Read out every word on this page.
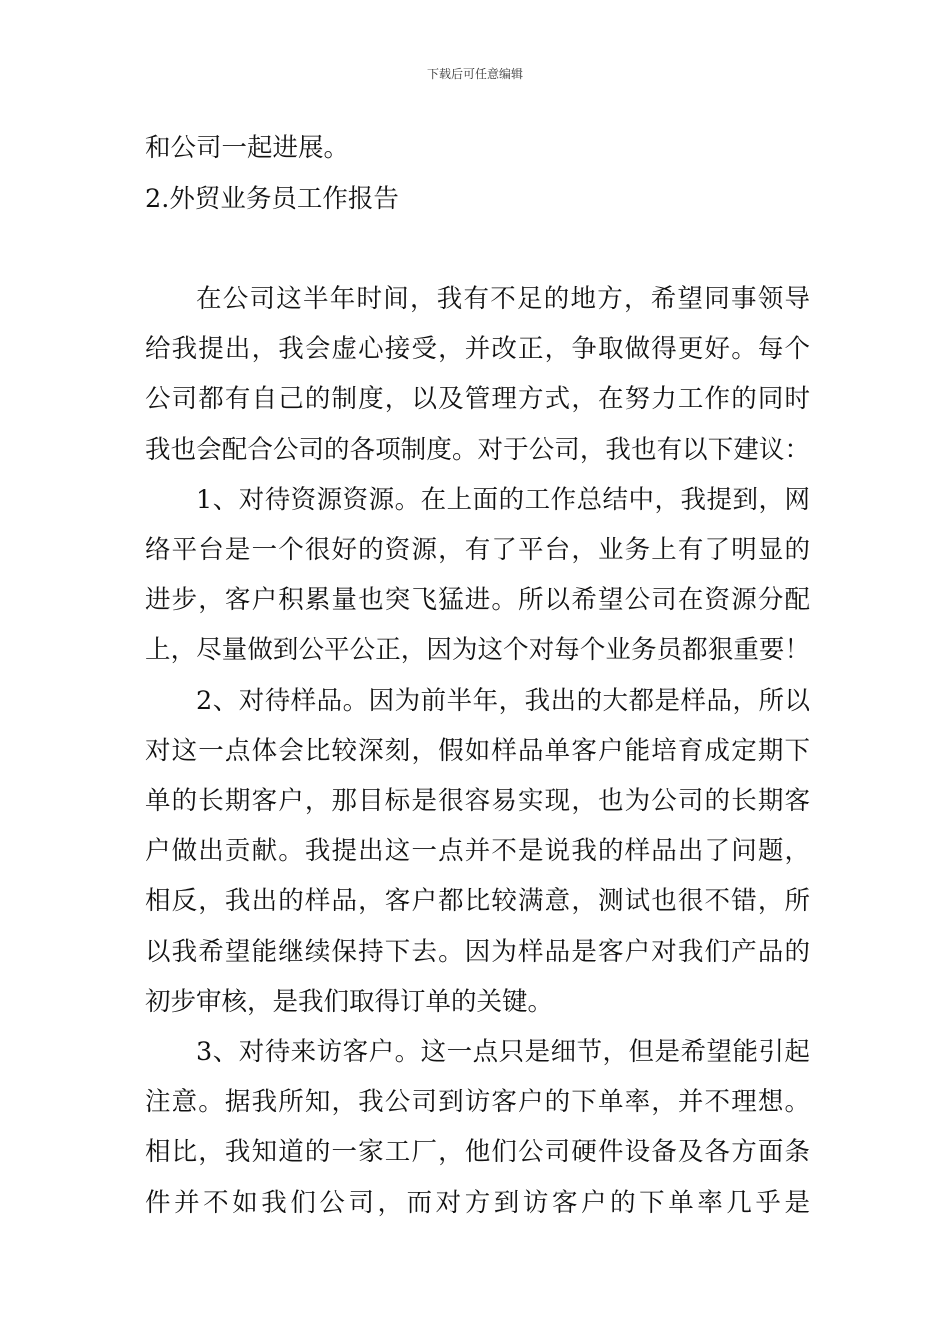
下载后可任意编辑
和公司一起进展。
2.外贸业务员工作报告
在公司这半年时间，我有不足的地方，希望同事领导
给我提出，我会虚心接受，并改正，争取做得更好。每个
公司都有自己的制度，以及管理方式，在努力工作的同时
我也会配合公司的各项制度。对于公司，我也有以下建议：
1、对待资源资源。在上面的工作总结中，我提到，网
络平台是一个很好的资源，有了平台，业务上有了明显的
进步，客户积累量也突飞猛进。所以希望公司在资源分配
上，尽量做到公平公正，因为这个对每个业务员都狠重要！
2、对待样品。因为前半年，我出的大都是样品，所以
对这一点体会比较深刻，假如样品单客户能培育成定期下
单的长期客户，那目标是很容易实现，也为公司的长期客
户做出贡献。我提出这一点并不是说我的样品出了问题，
相反，我出的样品，客户都比较满意，测试也很不错，所
以我希望能继续保持下去。因为样品是客户对我们产品的
初步审核，是我们取得订单的关键。
3、对待来访客户。这一点只是细节，但是希望能引起
注意。据我所知，我公司到访客户的下单率，并不理想。
相比，我知道的一家工厂，他们公司硬件设备及各方面条
件并不如我们公司，而对方到访客户的下单率几乎是
